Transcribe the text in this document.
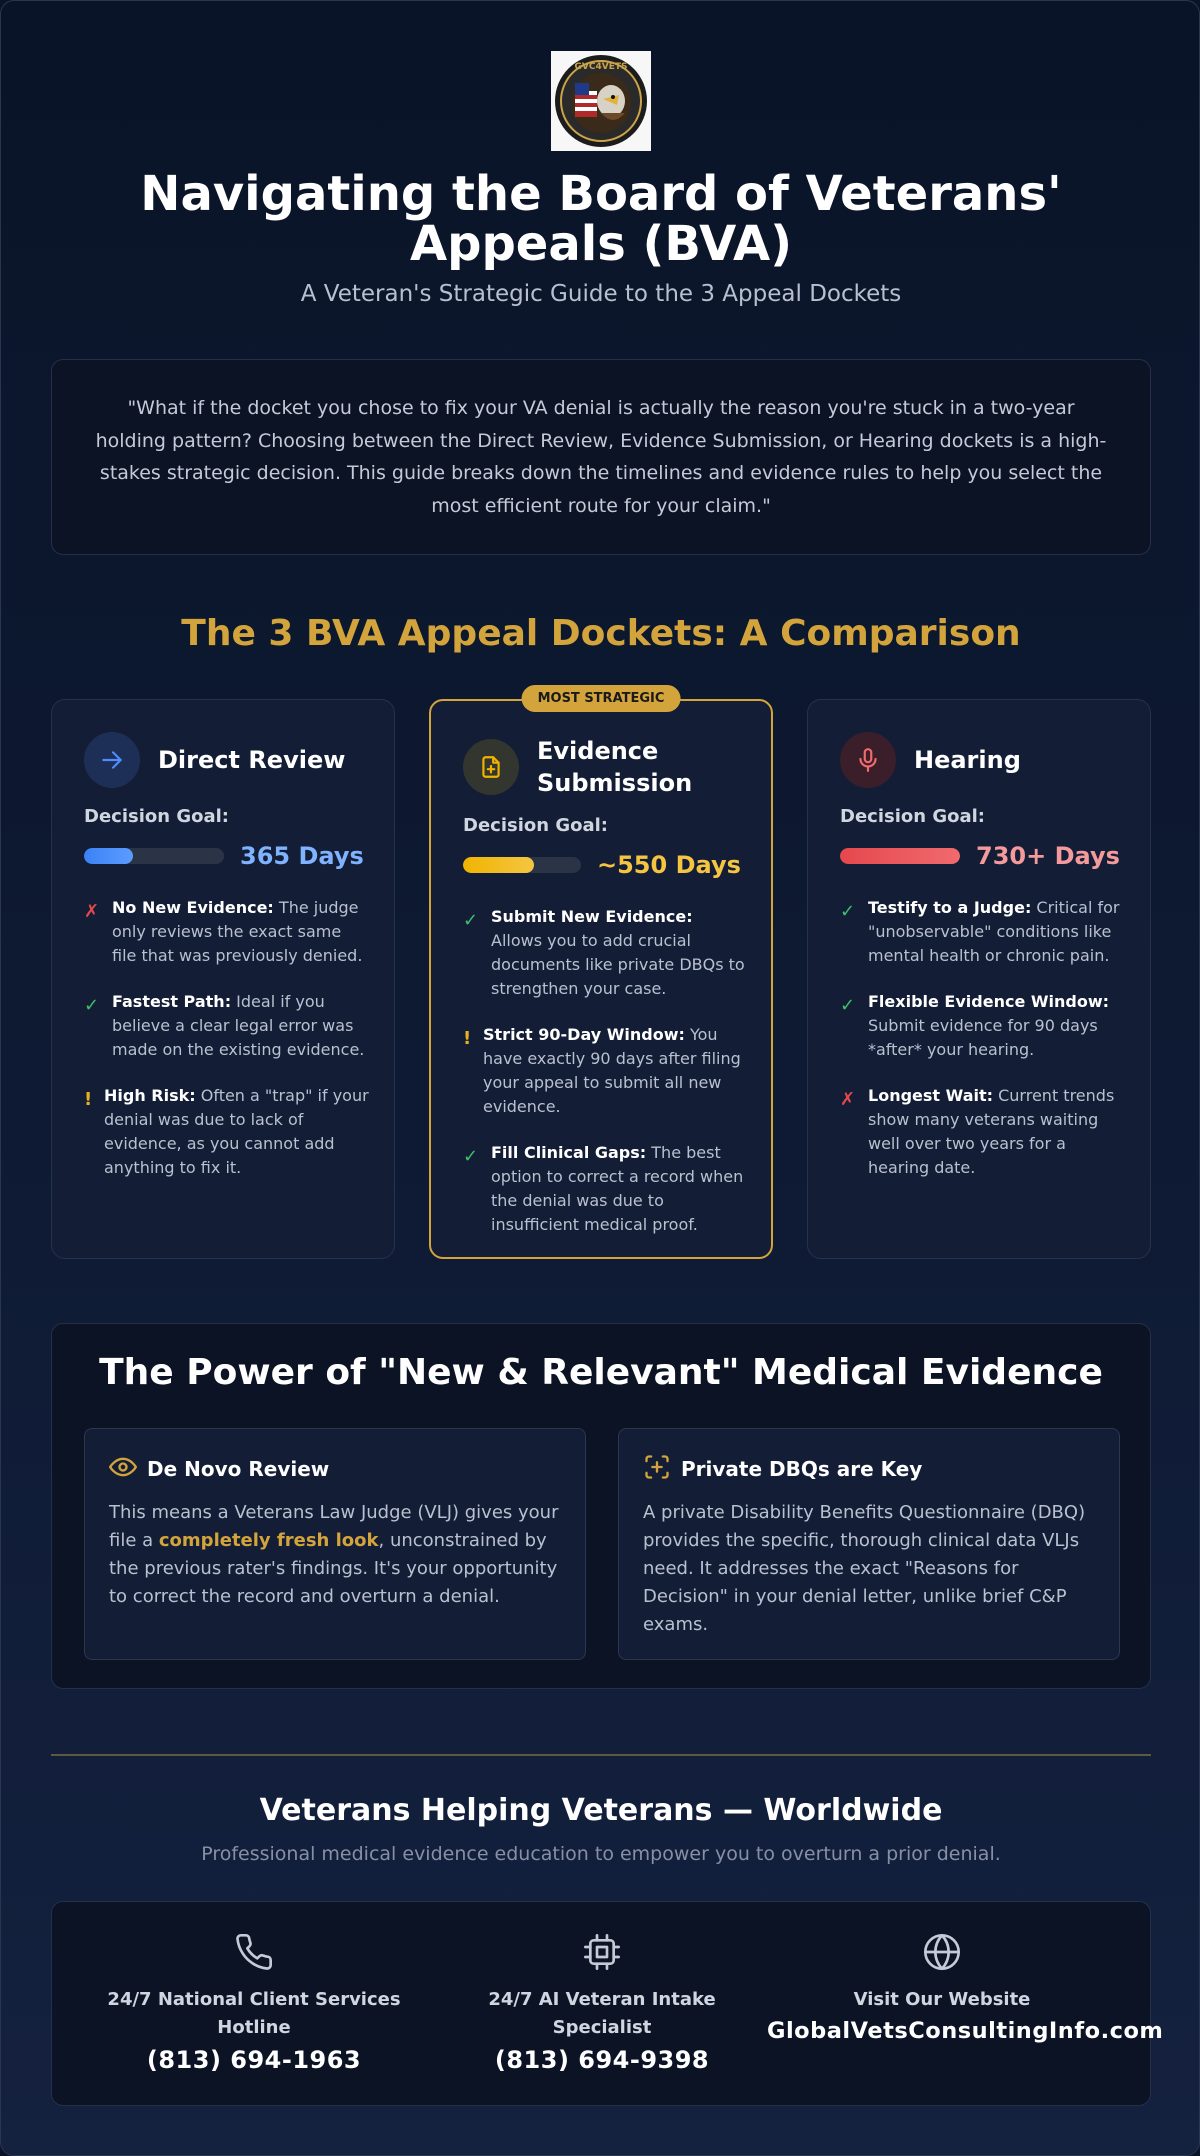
GVC4VETS
Navigating the Board of Veterans'
Appeals (BVA)
A Veteran's Strategic Guide to the 3 Appeal Dockets

"What if the docket you chose to fix your VA denial is actually the reason you're stuck in a two-year holding pattern? Choosing between the Direct Review, Evidence Submission, or Hearing dockets is a high-stakes strategic decision. This guide breaks down the timelines and evidence rules to help you select the most efficient route for your claim."

The 3 BVA Appeal Dockets: A Comparison
Direct Review
Decision Goal:
365 Days
✗ No New Evidence: The judge only reviews the exact same file that was previously denied.
✓ Fastest Path: Ideal if you believe a clear legal error was made on the existing evidence.
! High Risk: Often a "trap" if your denial was due to lack of evidence, as you cannot add anything to fix it.
MOST STRATEGIC
Evidence Submission
Decision Goal:
~550 Days
✓ Submit New Evidence: Allows you to add crucial documents like private DBQs to strengthen your case.
! Strict 90-Day Window: You have exactly 90 days after filing your appeal to submit all new evidence.
✓ Fill Clinical Gaps: The best option to correct a record when the denial was due to insufficient medical proof.
Hearing
Decision Goal:
730+ Days
✓ Testify to a Judge: Critical for "unobservable" conditions like mental health or chronic pain.
✓ Flexible Evidence Window: Submit evidence for 90 days *after* your hearing.
✗ Longest Wait: Current trends show many veterans waiting well over two years for a hearing date.
The Power of "New & Relevant" Medical Evidence
De Novo Review

This means a Veterans Law Judge (VLJ) gives your file a completely fresh look, unconstrained by the previous rater's findings. It's your opportunity to correct the record and overturn a denial.

Private DBQs are Key

A private Disability Benefits Questionnaire (DBQ) provides the specific, thorough clinical data VLJs need. It addresses the exact "Reasons for Decision" in your denial letter, unlike brief C&P exams.

Veterans Helping Veterans — Worldwide
Professional medical evidence education to empower you to overturn a prior denial.
24/7 National Client Services
Hotline
(813) 694-1963
24/7 AI Veteran Intake
Specialist
(813) 694-9398
Visit Our Website
GlobalVetsConsultingInfo.com
